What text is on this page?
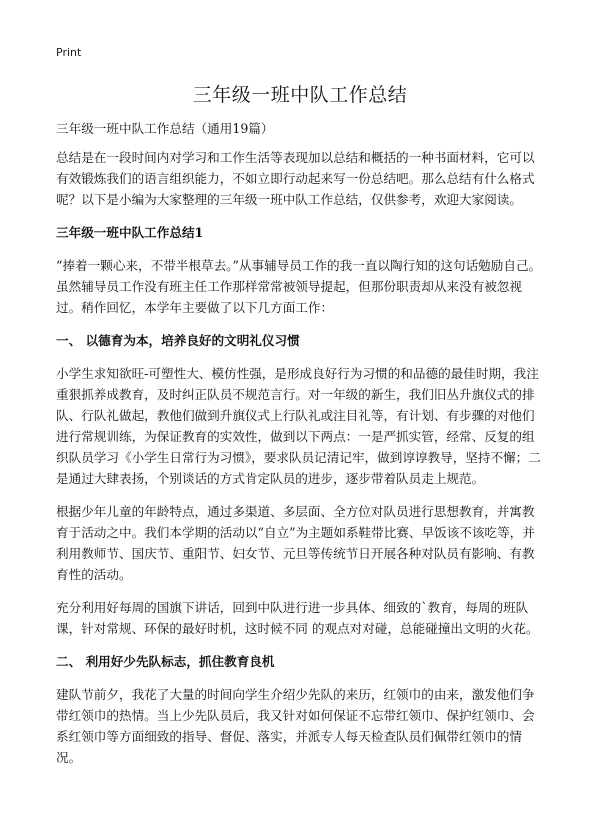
Print
三年级一班中队工作总结

三年级一班中队工作总结（通用19篇）

总结是在一段时间内对学习和工作生活等表现加以总结和概括的一种书面材料，它可以有效锻炼我们的语言组织能力，不如立即行动起来写一份总结吧。那么总结有什么格式呢？以下是小编为大家整理的三年级一班中队工作总结，仅供参考，欢迎大家阅读。

三年级一班中队工作总结1

“捧着一颗心来，不带半根草去。”从事辅导员工作的我一直以陶行知的这句话勉励自己。虽然辅导员工作没有班主任工作那样常常被领导提起，但那份职责却从来没有被忽视过。稍作回忆，本学年主要做了以下几方面工作：

一、 以德育为本，培养良好的文明礼仪习惯

小学生求知欲旺-可塑性大、模仿性强，是形成良好行为习惯的和品德的最佳时期，我注重狠抓养成教育，及时纠正队员不规范言行。对一年级的新生，我们旧丛升旗仪式的排队、行队礼做起，教他们做到升旗仪式上行队礼或注目礼等，有计划、有步骤的对他们进行常规训练，为保证教育的实效性，做到以下两点：一是严抓实管，经常、反复的组织队员学习《小学生日常行为习惯》，要求队员记清记牢，做到谆谆教导，坚持不懈；二是通过大肆表扬，个别谈话的方式肯定队员的进步，逐步带着队员走上规范。

根据少年儿童的年龄特点，通过多渠道、多层面、全方位对队员进行思想教育，并寓教育于活动之中。我们本学期的活动以“自立”为主题如系鞋带比赛、早饭该不该吃等，并利用教师节、国庆节、重阳节、妇女节、元旦等传统节日开展各种对队员有影响、有教育性的活动。

充分利用好每周的国旗下讲话，回到中队进行进一步具体、细致的`教育，每周的班队课，针对常规、环保的最好时机，这时候不同 的观点对对碰，总能碰撞出文明的火花。

二、 利用好少先队标志，抓住教育良机

建队节前夕，我花了大量的时间向学生介绍少先队的来历，红领巾的由来，激发他们争带红领巾的热情。当上少先队员后，我又针对如何保证不忘带红领巾、保护红领巾、会系红领巾等方面细致的指导、督促、落实，并派专人每天检查队员们佩带红领巾的情况。
